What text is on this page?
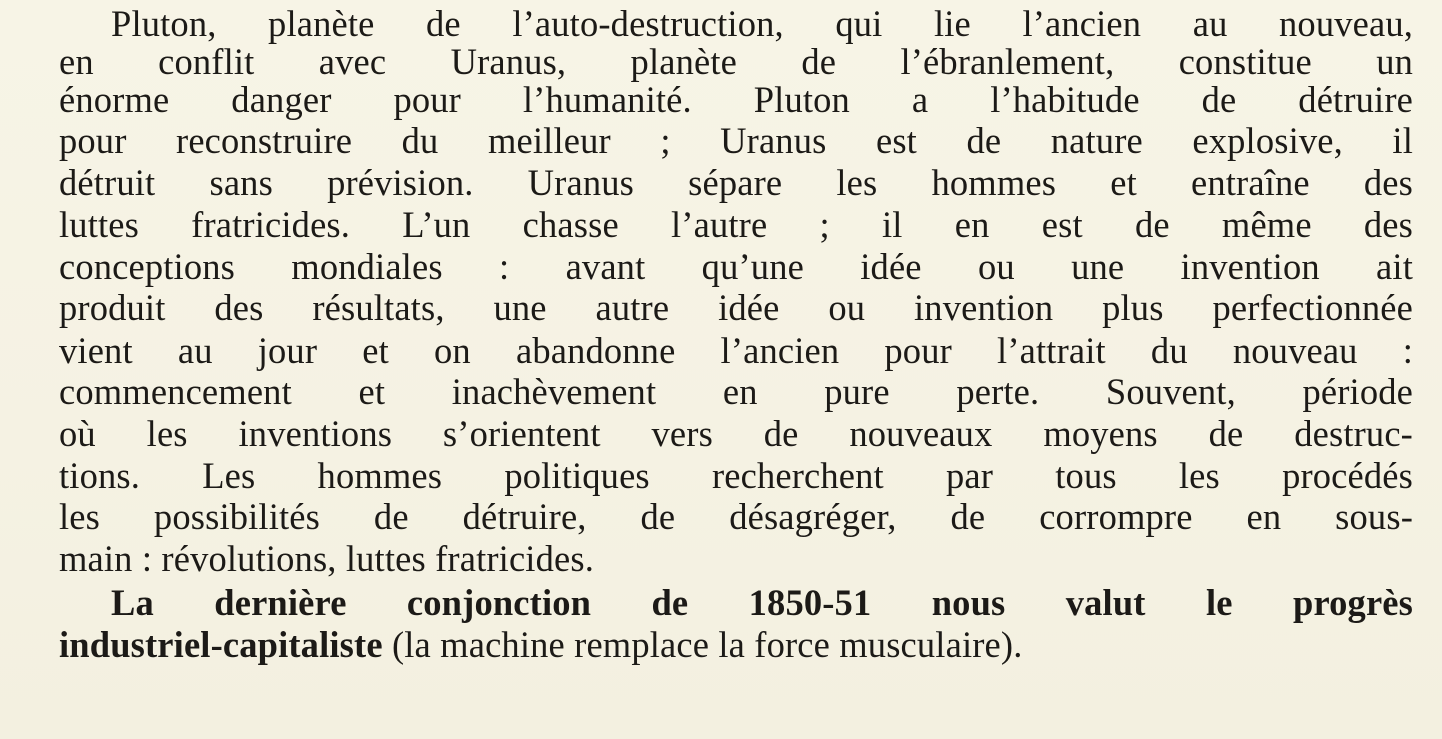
Pluton, planète de l’auto-destruction, qui lie l’ancien au nouveau,
en conflit avec Uranus, planète de l’ébranlement, constitue un
énorme danger pour l’humanité. Pluton a l’habitude de détruire
pour reconstruire du meilleur ; Uranus est de nature explosive, il
détruit sans prévision. Uranus sépare les hommes et entraîne des
luttes fratricides. L’un chasse l’autre ; il en est de même des
conceptions mondiales : avant qu’une idée ou une invention ait
produit des résultats, une autre idée ou invention plus perfectionnée
vient au jour et on abandonne l’ancien pour l’attrait du nouveau :
commencement et inachèvement en pure perte. Souvent, période
où les inventions s’orientent vers de nouveaux moyens de destruc-
tions. Les hommes politiques recherchent par tous les procédés
les possibilités de détruire, de désagréger, de corrompre en sous-
main : révolutions, luttes fratricides.
La dernière conjonction de 1850-51 nous valut le progrès
industriel-capitaliste (la machine remplace la force musculaire).
